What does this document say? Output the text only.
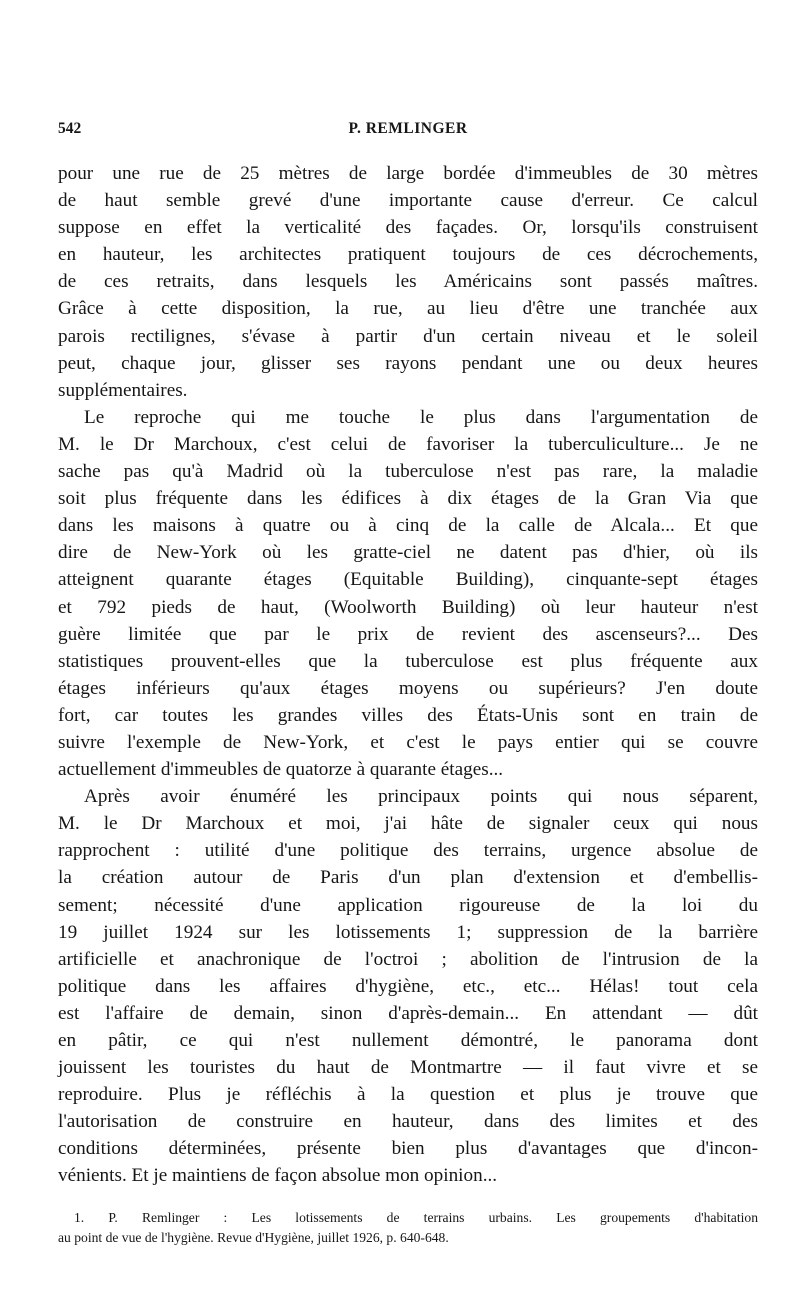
542	P. REMLINGER
pour une rue de 25 mètres de large bordée d'immeubles de 30 mètres
de haut semble grevé d'une importante cause d'erreur. Ce calcul
suppose en effet la verticalité des façades. Or, lorsqu'ils construisent
en hauteur, les architectes pratiquent toujours de ces décrochements,
de ces retraits, dans lesquels les Américains sont passés maîtres.
Grâce à cette disposition, la rue, au lieu d'être une tranchée aux
parois rectilignes, s'évase à partir d'un certain niveau et le soleil
peut, chaque jour, glisser ses rayons pendant une ou deux heures
supplémentaires.
Le reproche qui me touche le plus dans l'argumentation de
M. le Dr Marchoux, c'est celui de favoriser la tuberculiculture... Je ne
sache pas qu'à Madrid où la tuberculose n'est pas rare, la maladie
soit plus fréquente dans les édifices à dix étages de la Gran Via que
dans les maisons à quatre ou à cinq de la calle de Alcala... Et que
dire de New-York où les gratte-ciel ne datent pas d'hier, où ils
atteignent quarante étages (Equitable Building), cinquante-sept étages
et 792 pieds de haut, (Woolworth Building) où leur hauteur n'est
guère limitée que par le prix de revient des ascenseurs?... Des
statistiques prouvent-elles que la tuberculose est plus fréquente aux
étages inférieurs qu'aux étages moyens ou supérieurs? J'en doute
fort, car toutes les grandes villes des États-Unis sont en train de
suivre l'exemple de New-York, et c'est le pays entier qui se couvre
actuellement d'immeubles de quatorze à quarante étages...
Après avoir énuméré les principaux points qui nous séparent,
M. le Dr Marchoux et moi, j'ai hâte de signaler ceux qui nous
rapprochent : utilité d'une politique des terrains, urgence absolue de
la création autour de Paris d'un plan d'extension et d'embellis-
sement; nécessité d'une application rigoureuse de la loi du
19 juillet 1924 sur les lotissements 1; suppression de la barrière
artificielle et anachronique de l'octroi ; abolition de l'intrusion de la
politique dans les affaires d'hygiène, etc., etc... Hélas! tout cela
est l'affaire de demain, sinon d'après-demain... En attendant — dût
en pâtir, ce qui n'est nullement démontré, le panorama dont
jouissent les touristes du haut de Montmartre — il faut vivre et se
reproduire. Plus je réfléchis à la question et plus je trouve que
l'autorisation de construire en hauteur, dans des limites et des
conditions déterminées, présente bien plus d'avantages que d'incon-
vénients. Et je maintiens de façon absolue mon opinion...
1. P. Remlinger : Les lotissements de terrains urbains. Les groupements d'habitation
au point de vue de l'hygiène. Revue d'Hygiène, juillet 1926, p. 640-648.
